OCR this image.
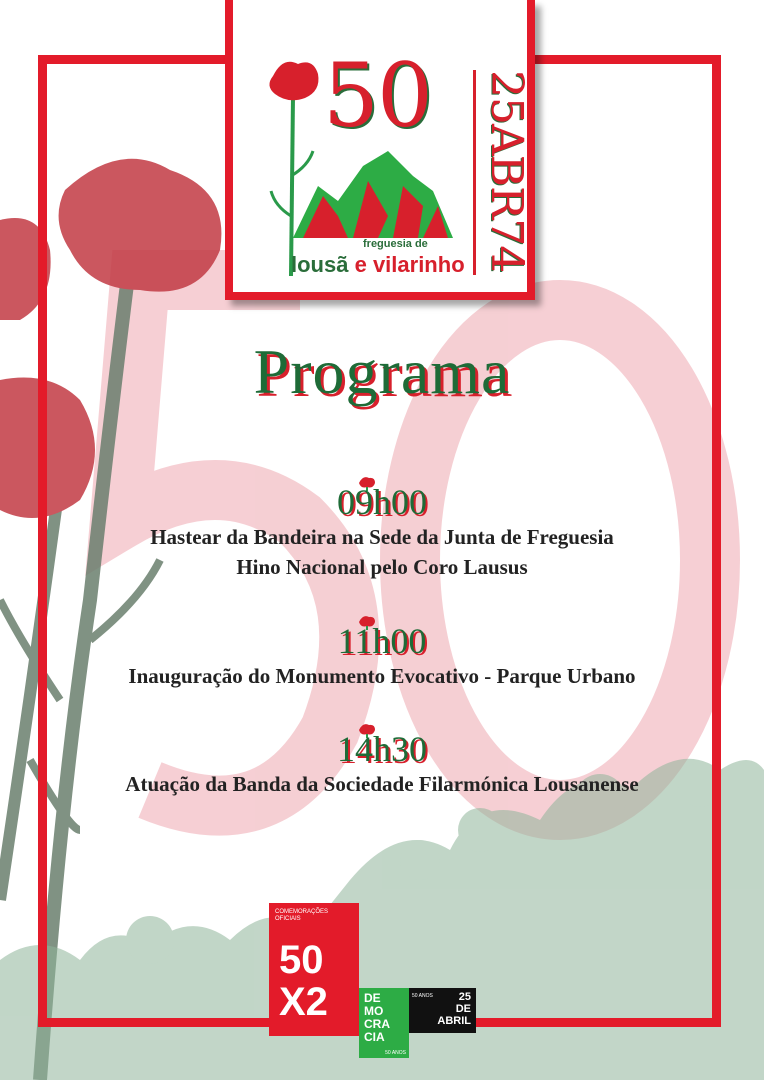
50 25ABR74
freguesia de
lousã e vilarinho
Programa
09h00
Hastear da Bandeira na Sede da Junta de Freguesia
Hino Nacional pelo Coro Lausus
11h00
Inauguração do Monumento Evocativo - Parque Urbano
14h30
Atuação da Banda da Sociedade Filarmónica Lousanense
COMEMORAÇÕES
OFICIAIS
50
X2	DE
MO
CRA
CIA
50 ANOS
50 ANOS	25
DE
ABRIL
